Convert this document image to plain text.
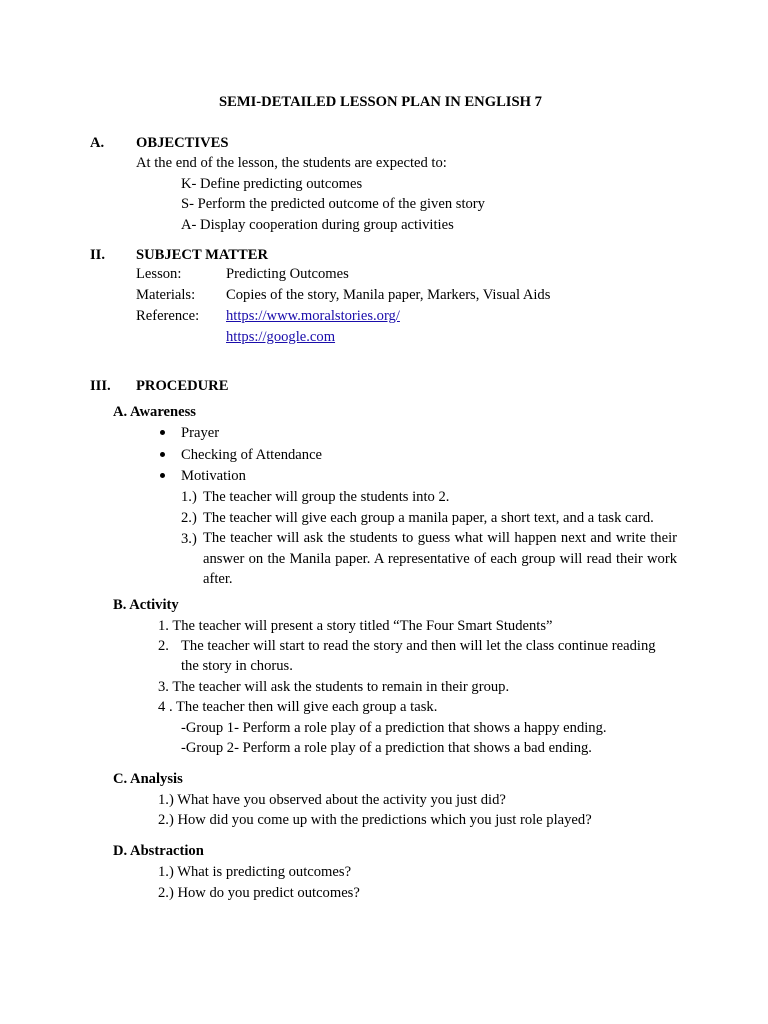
SEMI-DETAILED LESSON PLAN IN ENGLISH 7
A. OBJECTIVES
At the end of the lesson, the students are expected to:
K- Define predicting outcomes
S- Perform the predicted outcome of the given story
A- Display cooperation during group activities
II. SUBJECT MATTER
Lesson:	Predicting Outcomes
Materials: Copies of the story, Manila paper, Markers, Visual Aids
Reference: https://www.moralstories.org/
https://google.com
III. PROCEDURE
A. Awareness
Prayer
Checking of Attendance
Motivation
1.) The teacher will group the students into 2.
2.) The teacher will give each group a manila paper, a short text, and a task card.
3.) The teacher will ask the students to guess what will happen next and write their answer on the Manila paper. A representative of each group will read their work after.
B. Activity
1. The teacher will present a story titled “The Four Smart Students”
2. The teacher will start to read the story and then will let the class continue reading
the story in chorus.
3. The teacher will ask the students to remain in their group.
4 . The teacher then will give each group a task.
-Group 1- Perform a role play of a prediction that shows a happy ending.
-Group 2- Perform a role play of a prediction that shows a bad ending.
C. Analysis
1.) What have you observed about the activity you just did?
2.) How did you come up with the predictions which you just role played?
D. Abstraction
1.) What is predicting outcomes?
2.) How do you predict outcomes?
